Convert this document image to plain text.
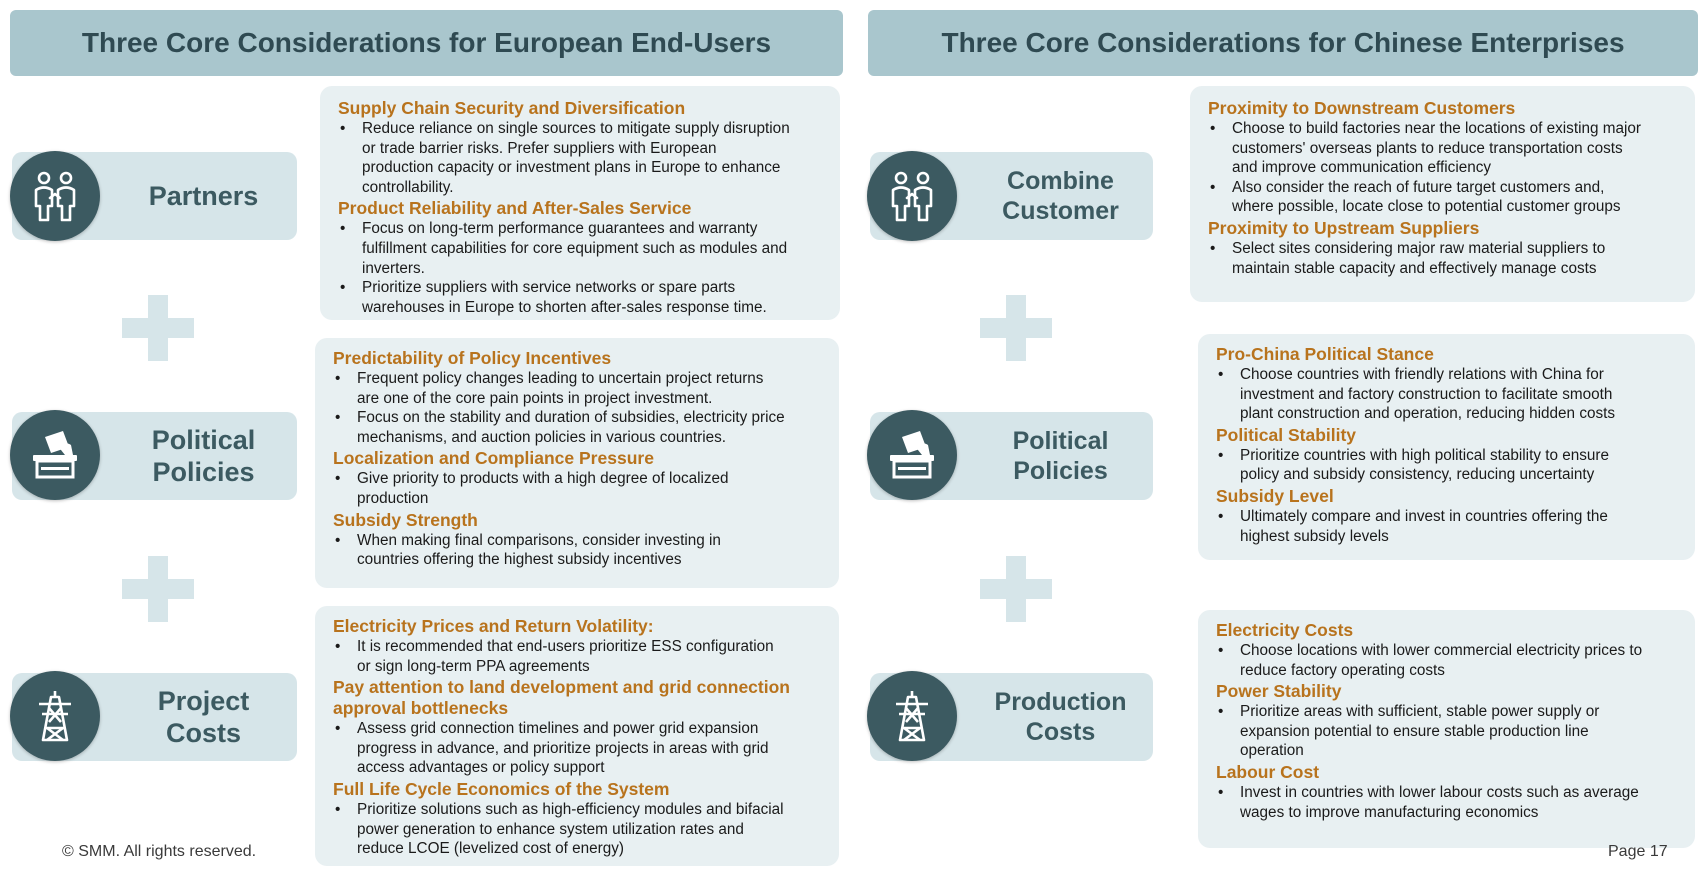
Three Core Considerations for European End-Users	Three Core Considerations for Chinese Enterprises
Partners
Political
Policies
Project
Costs
Combine
Customer
Political
Policies
Production
Costs
Supply Chain Security and Diversification
• Reduce reliance on single sources to mitigate supply disruption
or trade barrier risks. Prefer suppliers with European
production capacity or investment plans in Europe to enhance
controllability.
Product Reliability and After-Sales Service
• Focus on long-term performance guarantees and warranty
fulfillment capabilities for core equipment such as modules and
inverters.
• Prioritize suppliers with service networks or spare parts
warehouses in Europe to shorten after-sales response time.
Predictability of Policy Incentives
• Frequent policy changes leading to uncertain project returns
are one of the core pain points in project investment.
• Focus on the stability and duration of subsidies, electricity price
mechanisms, and auction policies in various countries.
Localization and Compliance Pressure
• Give priority to products with a high degree of localized
production
Subsidy Strength
• When making final comparisons, consider investing in
countries offering the highest subsidy incentives
Electricity Prices and Return Volatility:
• It is recommended that end-users prioritize ESS configuration
or sign long-term PPA agreements
Pay attention to land development and grid connection
approval bottlenecks
• Assess grid connection timelines and power grid expansion
progress in advance, and prioritize projects in areas with grid
access advantages or policy support
Full Life Cycle Economics of the System
• Prioritize solutions such as high-efficiency modules and bifacial
power generation to enhance system utilization rates and
reduce LCOE (levelized cost of energy)
Proximity to Downstream Customers
• Choose to build factories near the locations of existing major
customers' overseas plants to reduce transportation costs
and improve communication efficiency
• Also consider the reach of future target customers and,
where possible, locate close to potential customer groups
Proximity to Upstream Suppliers
• Select sites considering major raw material suppliers to
maintain stable capacity and effectively manage costs
Pro-China Political Stance
• Choose countries with friendly relations with China for
investment and factory construction to facilitate smooth
plant construction and operation, reducing hidden costs
Political Stability
• Prioritize countries with high political stability to ensure
policy and subsidy consistency, reducing uncertainty
Subsidy Level
• Ultimately compare and invest in countries offering the
highest subsidy levels
Electricity Costs
• Choose locations with lower commercial electricity prices to
reduce factory operating costs
Power Stability
• Prioritize areas with sufficient, stable power supply or
expansion potential to ensure stable production line
operation
Labour Cost
• Invest in countries with lower labour costs such as average
wages to improve manufacturing economics
© SMM. All rights reserved.	Page 17
